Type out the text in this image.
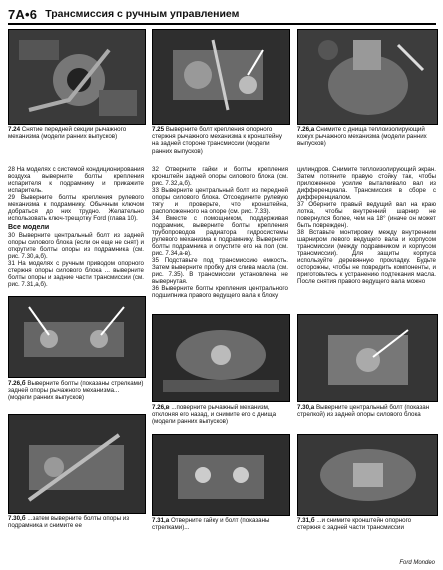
7A•6 Трансмиссия с ручным управлением
7.24 Снятие передней секции рычажного механизма (модели ранних выпусков)
7.25 Выверните болт крепления опорного стержня рычажного механизма к кронштейну на задней стороне трансмиссии (модели ранних выпусков)
7.26,а Снимите с днища теплоизолирующий кожух рычажного механизма (модели ранних выпусков)

28 На моделях с системой кондиционирования воздуха выверните болты крепления испарителя к подрамнику и прикажите испаритель.

29 Выверните болты крепления рулевого механизма к подрамнику. Обычным ключом добраться до них трудно. Желательно использовать ключ-трещотку Ford (глава 10).

Все модели

30 Выверните центральный болт из задней опоры силового блока (если он еще не снят) и открутите болты опоры из подрамника (см. рис. 7.30,а,б).

31 На моделях с ручным приводом опорного стержня опоры силового блока ... выверните болты опоры и задние части трансмиссии (см. рис. 7.31,а,б).

32 Отверните гайки и болты крепления кронштейн задней опоры силового блока (см. рис. 7.32,а,б).

33 Выверните центральный болт из передней опоры силового блока. Отсоедините рулевую тягу и проверьте, что кронштейна, расположенного на опоре (см. рис. 7.33).

34 Вместе с помощником, поддерживая подрамник, выверните болты крепления трубопроводов радиатора гидросистемы рулевого механизма к подрамнику. Выверните болты подрамника и опустите его на пол (см. рис. 7.34,а-в).

35 Подставьте под трансмиссию емкость. Затем выверните пробку для слива масла (см. рис. 7.35). В трансмиссии установлена не вывернутая.

36 Выверните болты крепления центрального подшипника правого ведущего вала к блоку

цилиндров. Снимите теплоизолирующий экран. Затем потяните правую стойку так, чтобы приложенное усилие выталкивало вал из дифференциала. Трансмиссия в сборе с дифференциалом.

37 Оберните правый ведущий вал на краю лотка, чтобы внутренний шарнир не повернулся более, чем на 18° (иначе он может быть поврежден).

38 Вставьте монтировку между внутренним шарниром левого ведущего вала и корпусом трансмиссии (между подрамником и корпусом трансмиссии). Для защиты корпуса используйте деревянную прокладку. Будьте осторожны, чтобы не повредить компоненты, и приготовьтесь к устранению подтекания масла. После снятия правого ведущего вала можно

7.26,б Выверните болты (показаны стрелками) задней опоры рычажного механизма... (модели ранних выпусков)
7.26,в ...поверните рычажный механизм, отклоняя его назад, и снимите его с днища (модели ранних выпусков)
7.30,а Выверните центральный болт (показан стрелкой) из задней опоры силового блока
7.30,б ...затем выверните болты опоры из подрамника и снимите ее
7.31,а Отверните гайку и болт (показаны стрелками)...
7.31,б ...и снимите кронштейн опорного стержня с задней части трансмиссии
Ford Mondeo
